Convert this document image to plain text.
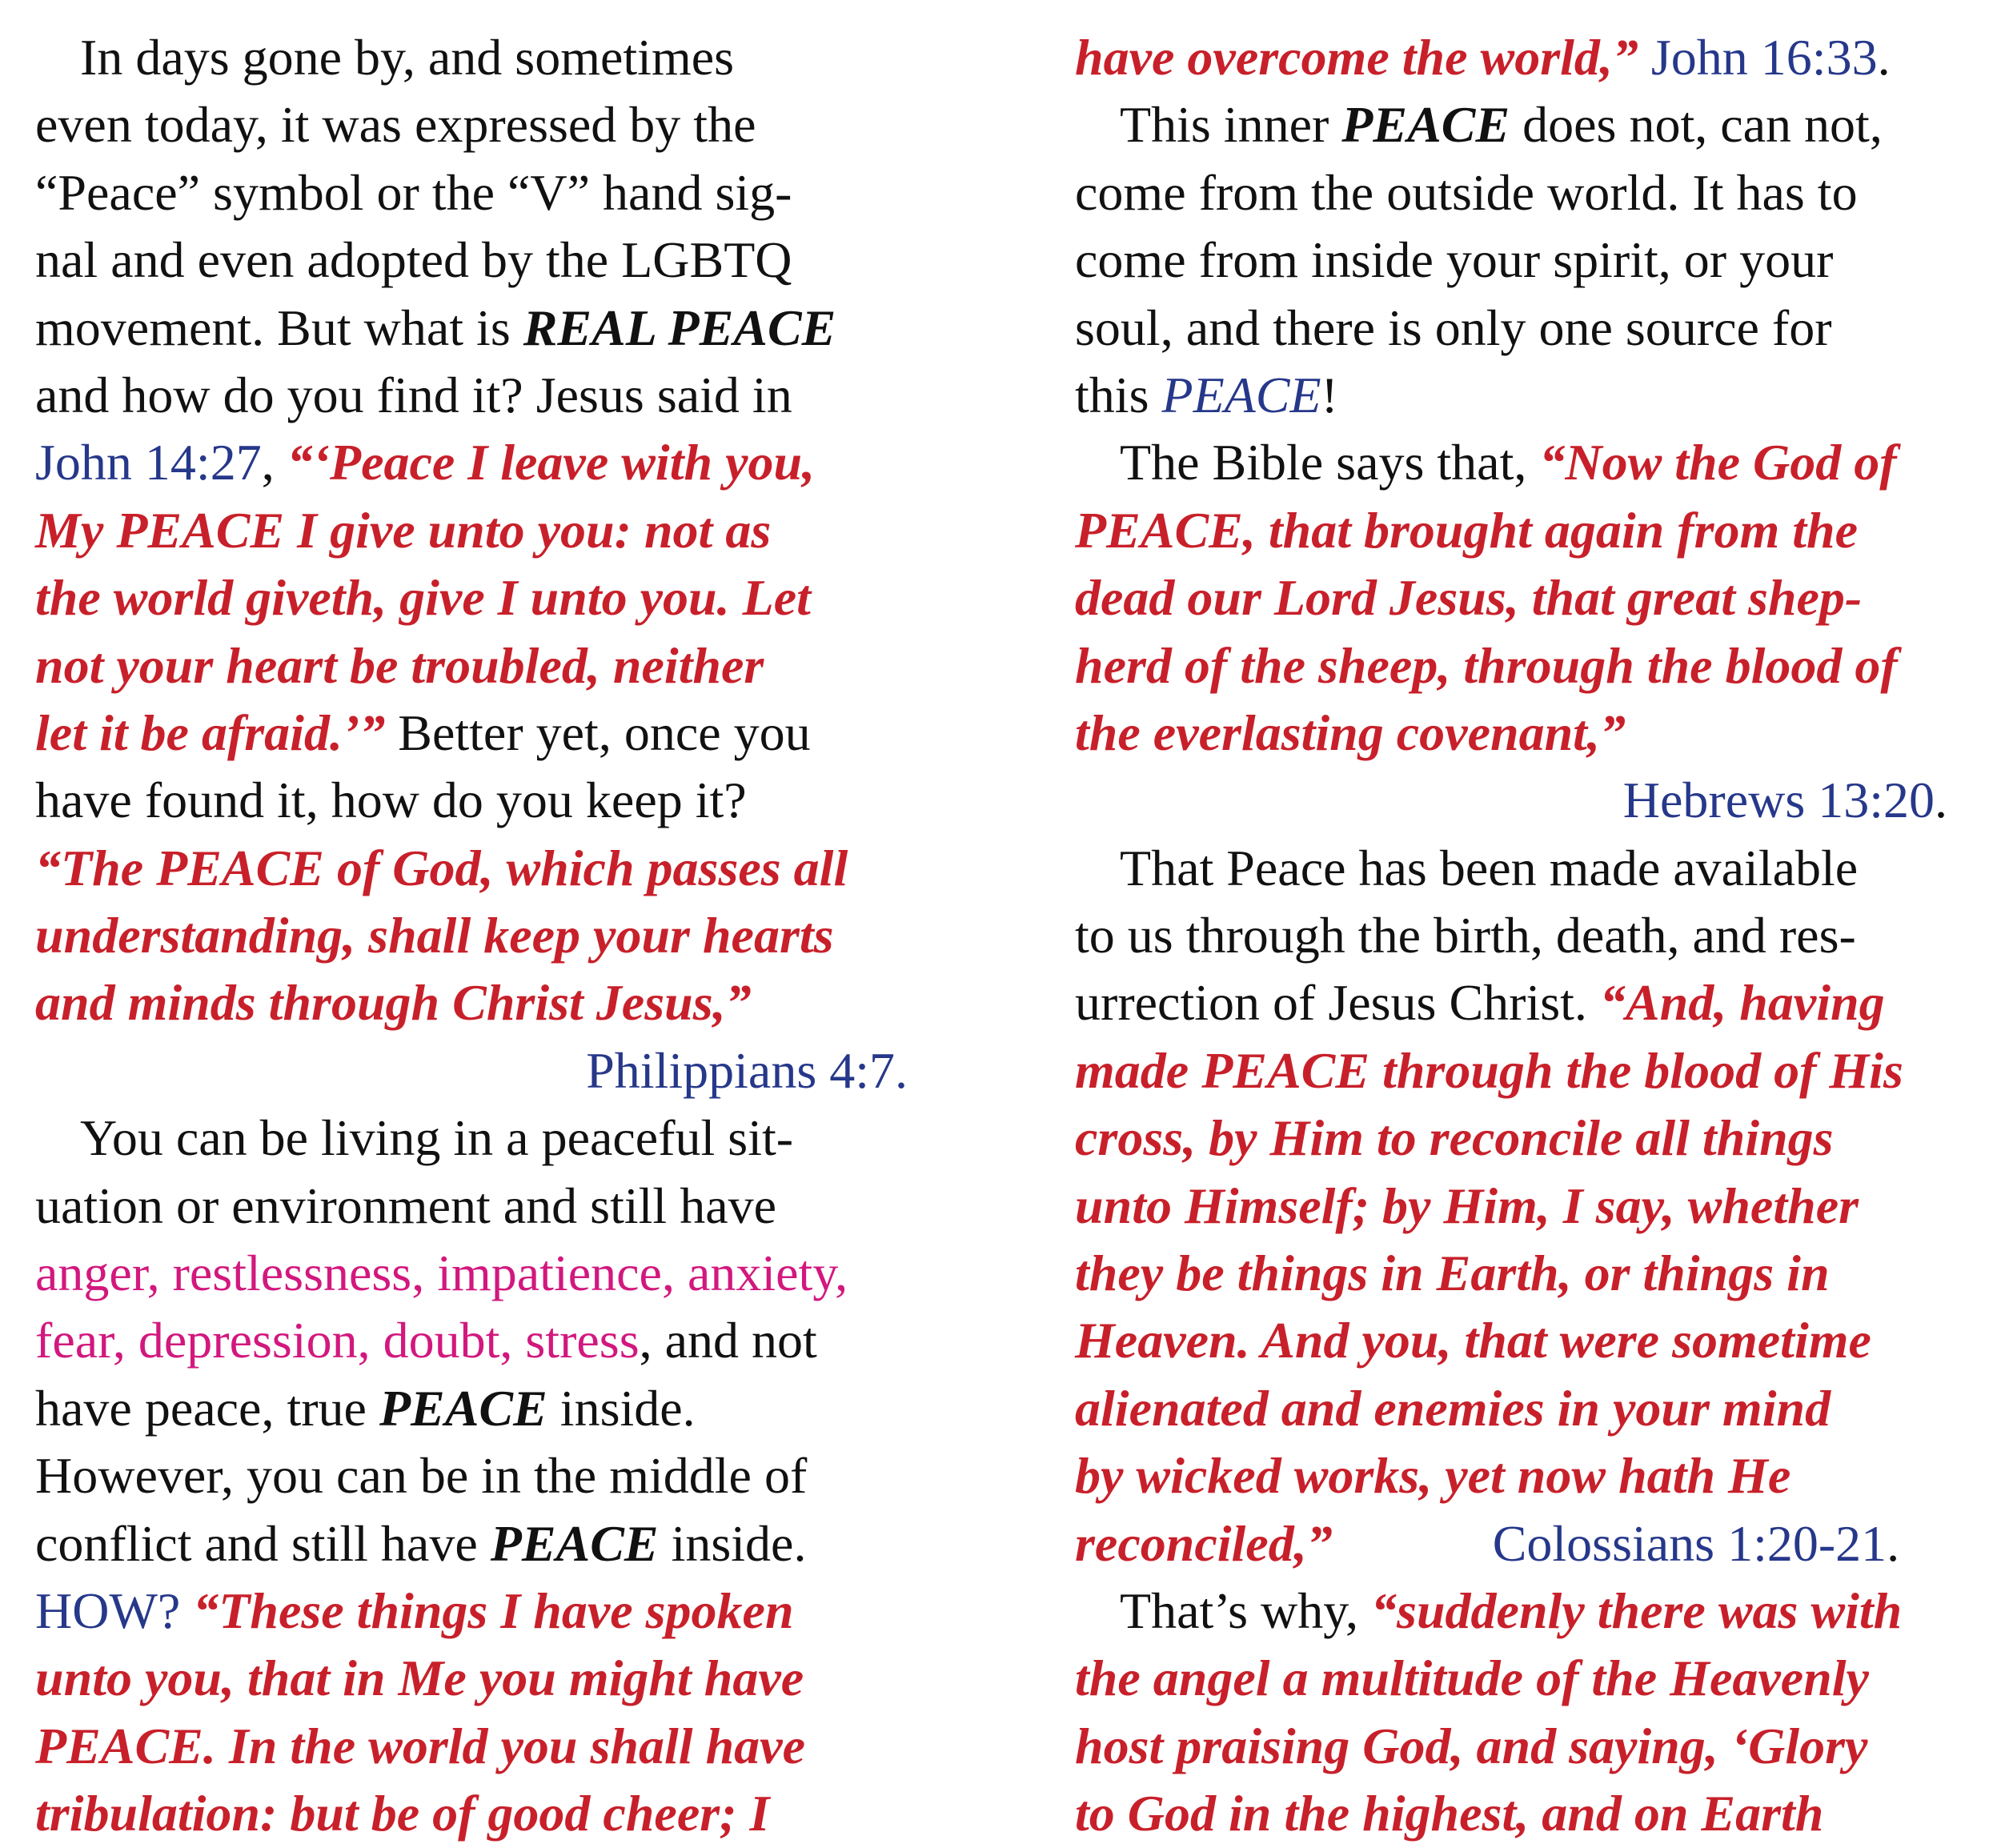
In days gone by, and sometimes
even today, it was expressed by the
“Peace” symbol or the “V” hand sig-
nal and even adopted by the LGBTQ
movement. But what is REAL PEACE
and how do you find it? Jesus said in
John 14:27, “‘Peace I leave with you,
My PEACE I give unto you: not as
the world giveth, give I unto you. Let
not your heart be troubled, neither
let it be afraid.’” Better yet, once you
have found it, how do you keep it?
“The PEACE of God, which passes all
understanding, shall keep your hearts
and minds through Christ Jesus,”
Philippians 4:7.
You can be living in a peaceful sit-
uation or environment and still have
anger, restlessness, impatience, anxiety,
fear, depression, doubt, stress, and not
have peace, true PEACE inside.
However, you can be in the middle of
conflict and still have PEACE inside.
HOW? “These things I have spoken
unto you, that in Me you might have
PEACE. In the world you shall have
tribulation: but be of good cheer; I
have overcome the world,” John 16:33.
This inner PEACE does not, can not,
come from the outside world. It has to
come from inside your spirit, or your
soul, and there is only one source for
this PEACE!
The Bible says that, “Now the God of
PEACE, that brought again from the
dead our Lord Jesus, that great shep-
herd of the sheep, through the blood of
the everlasting covenant,”
Hebrews 13:20.
That Peace has been made available
to us through the birth, death, and res-
urrection of Jesus Christ. “And, having
made PEACE through the blood of His
cross, by Him to reconcile all things
unto Himself; by Him, I say, whether
they be things in Earth, or things in
Heaven. And you, that were sometime
alienated and enemies in your mind
by wicked works, yet now hath He
reconciled,”	Colossians 1:20-21.
That’s why, “suddenly there was with
the angel a multitude of the Heavenly
host praising God, and saying, ‘Glory
to God in the highest, and on Earth
